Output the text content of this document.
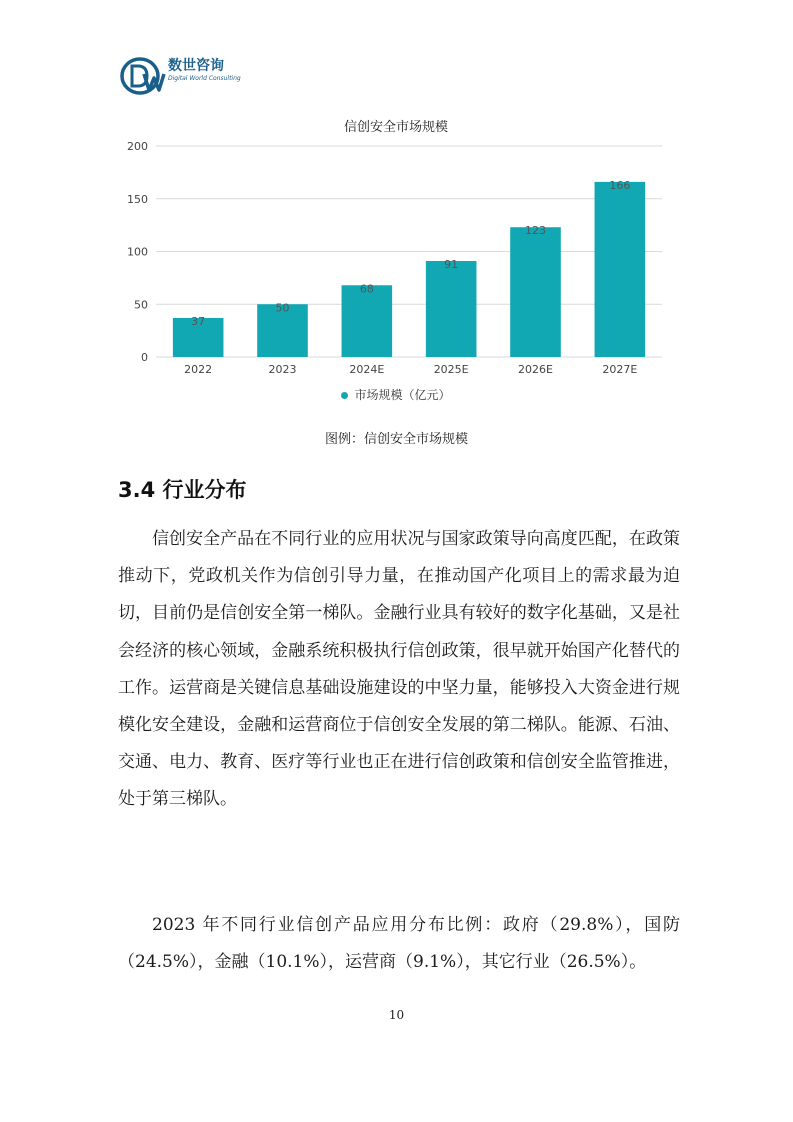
数世咨询
Digital World Consulting
0
50
100
150
200
37
2022
50
2023
68
2024E
91
2025E
123
2026E
166
2027E
信创安全市场规模
市场规模（亿元）
图例：信创安全市场规模
3.4 行业分布

信创安全产品在不同行业的应用状况与国家政策导向高度匹配，在政策推动下，党政机关作为信创引导力量，在推动国产化项目上的需求最为迫切，目前仍是信创安全第一梯队。金融行业具有较好的数字化基础，又是社会经济的核心领域，金融系统积极执行信创政策，很早就开始国产化替代的工作。运营商是关键信息基础设施建设的中坚力量，能够投入大资金进行规模化安全建设，金融和运营商位于信创安全发展的第二梯队。能源、石油、交通、电力、教育、医疗等行业也正在进行信创政策和信创安全监管推进，处于第三梯队。

2023 年不同行业信创产品应用分布比例：政府（29.8%），国防（24.5%），金融（10.1%），运营商（9.1%），其它行业（26.5%）。

10
